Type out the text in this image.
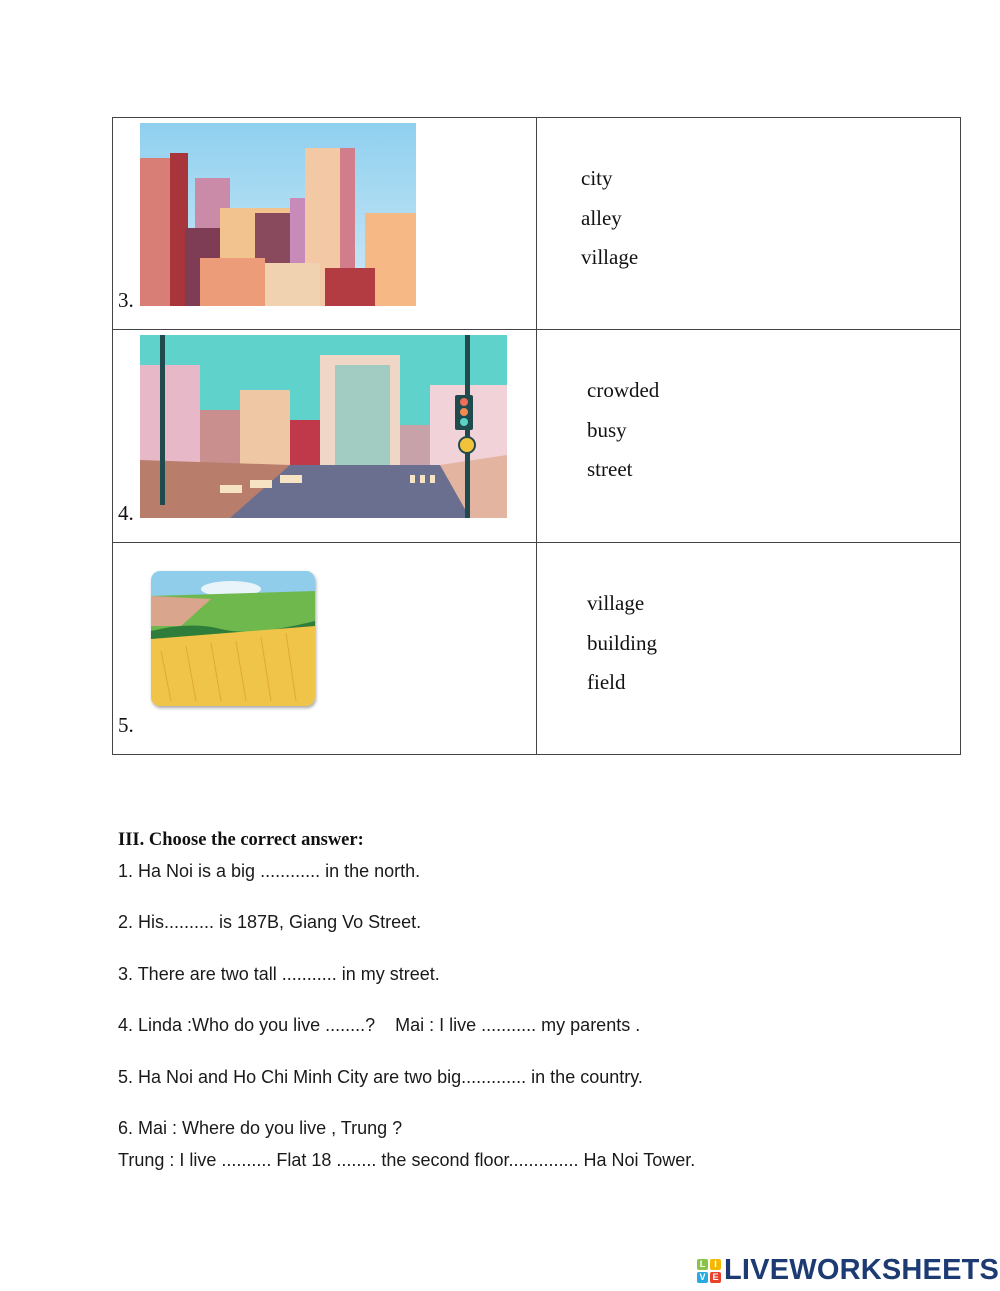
3.	city
alley
village

4.	crowded
busy
street

5.	village
building
field
III. Choose the correct answer:
1. Ha Noi is a big ............ in the north.
2. His.......... is 187B, Giang Vo Street.
3. There are two tall ........... in my street.
4. Linda :Who do you live ........?    Mai : I live ........... my parents .
5. Ha Noi and Ho Chi Minh City are two big............. in the country.
6. Mai : Where do you live , Trung ?
Trung : I live .......... Flat 18 ........ the second floor.............. Ha Noi Tower.
L I
V E LIVEWORKSHEETS
